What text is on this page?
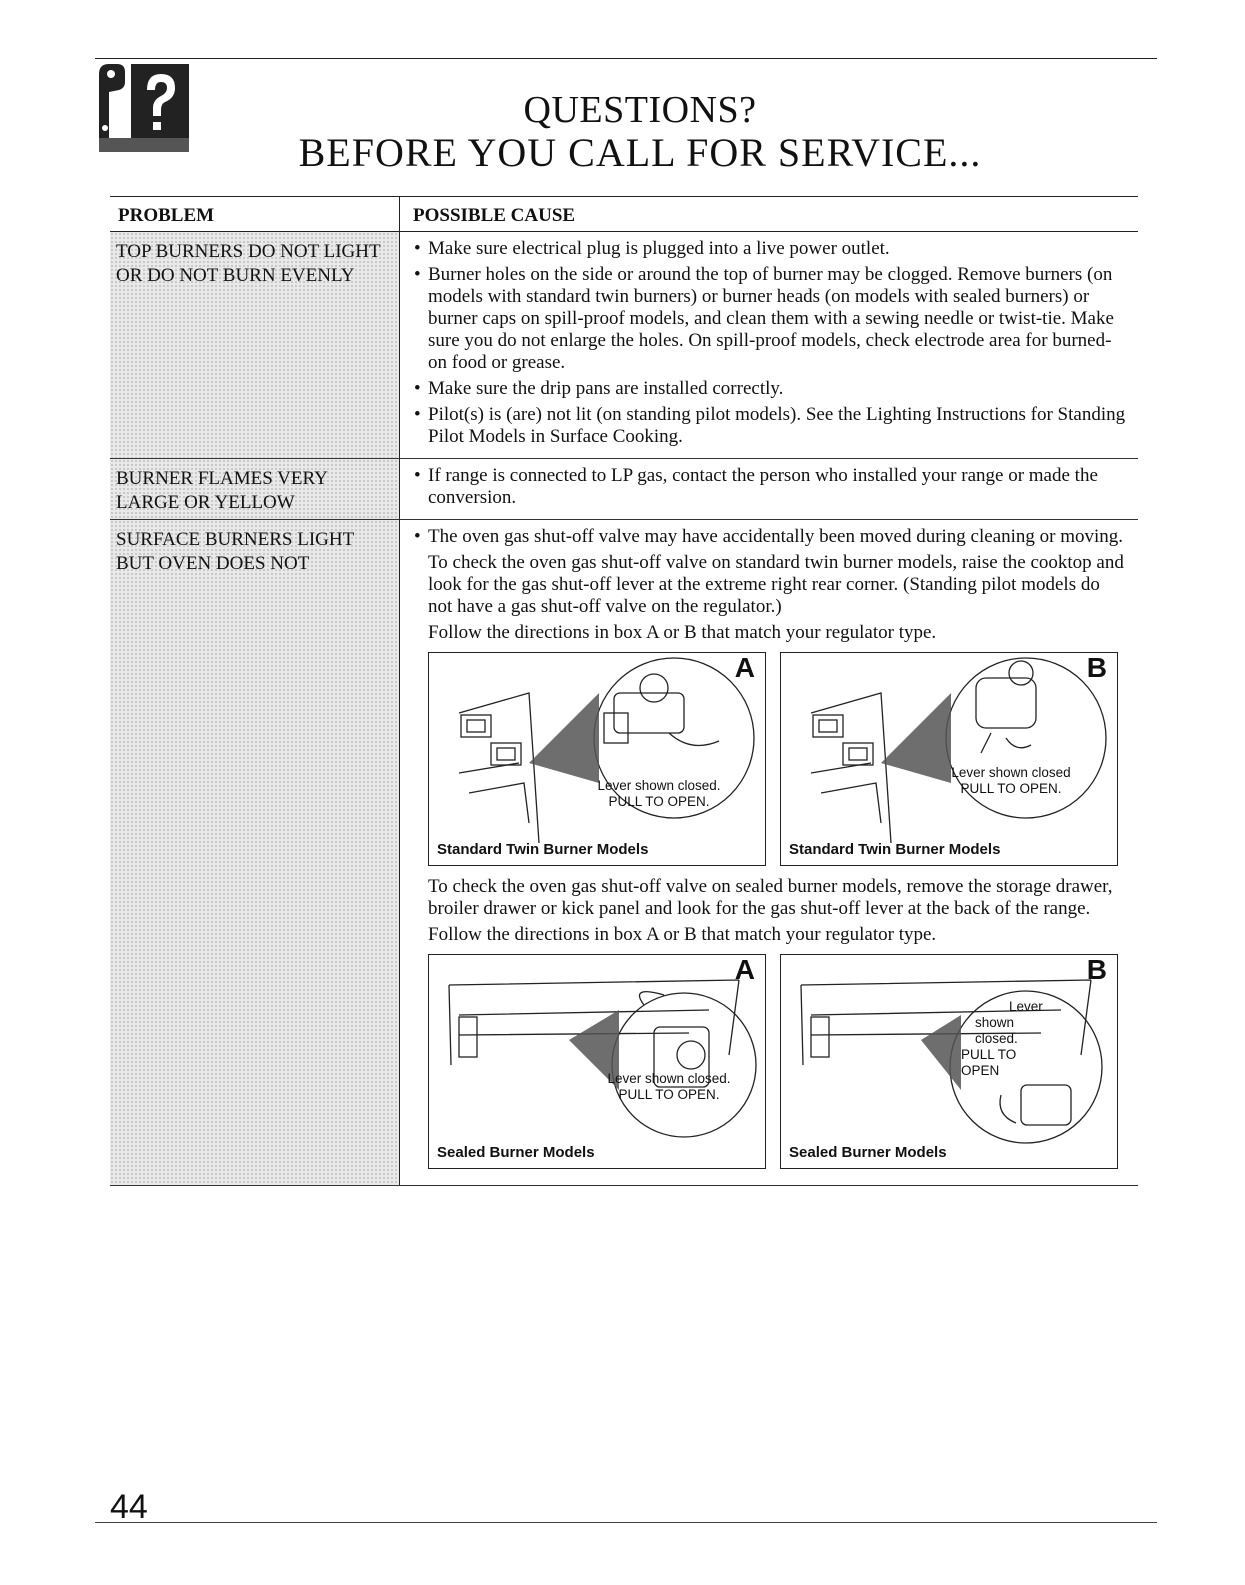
QUESTIONS?
BEFORE YOU CALL FOR SERVICE...
PROBLEM	POSSIBLE CAUSE
TOP BURNERS DO NOT LIGHT OR DO NOT BURN EVENLY
• Make sure electrical plug is plugged into a live power outlet.
• Burner holes on the side or around the top of burner may be clogged. Remove burners (on models with standard twin burners) or burner heads (on models with sealed burners) or burner caps on spill-proof models, and clean them with a sewing needle or twist-tie. Make sure you do not enlarge the holes. On spill-proof models, check electrode area for burned-on food or grease.
• Make sure the drip pans are installed correctly.
• Pilot(s) is (are) not lit (on standing pilot models). See the Lighting Instructions for Standing Pilot Models in Surface Cooking.
BURNER FLAMES VERY LARGE OR YELLOW
• If range is connected to LP gas, contact the person who installed your range or made the conversion.
SURFACE BURNERS LIGHT BUT OVEN DOES NOT
• The oven gas shut-off valve may have accidentally been moved during cleaning or moving.
To check the oven gas shut-off valve on standard twin burner models, raise the cooktop and look for the gas shut-off lever at the extreme right rear corner. (Standing pilot models do not have a gas shut-off valve on the regulator.)
Follow the directions in box A or B that match your regulator type.
A
Lever shown closed.
PULL TO OPEN.
Standard Twin Burner Models
B
Lever shown closed
PULL TO OPEN.
Standard Twin Burner Models
To check the oven gas shut-off valve on sealed burner models, remove the storage drawer, broiler drawer or kick panel and look for the gas shut-off lever at the back of the range.
Follow the directions in box A or B that match your regulator type.
A
Lever shown closed.
PULL TO OPEN.
Sealed Burner Models
B
Lever
shown closed.
PULL TO
OPEN
Sealed Burner Models
44
